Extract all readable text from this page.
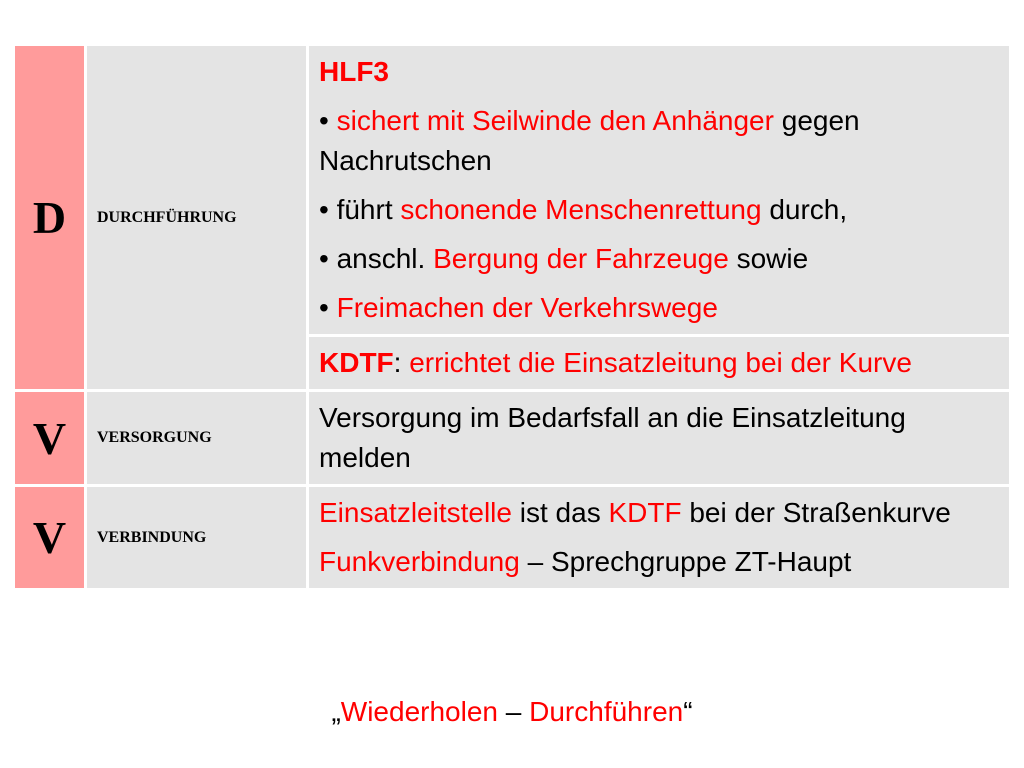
D	DURCHFÜHRUNG	HLF3

• sichert mit Seilwinde den Anhänger gegen Nachrutschen

• führt schonende Menschenrettung durch,

• anschl. Bergung der Fahrzeuge sowie

• Freimachen der Verkehrswege

		KDTF: errichtet die Einsatzleitung bei der Kurve

V	VERSORGUNG	Versorgung im Bedarfsfall an die Einsatzleitung melden

V	VERBINDUNG	Einsatzleitstelle ist das KDTF bei der Straßenkurve

Funkverbindung – Sprechgruppe ZT-Haupt

„Wiederholen – Durchführen“
